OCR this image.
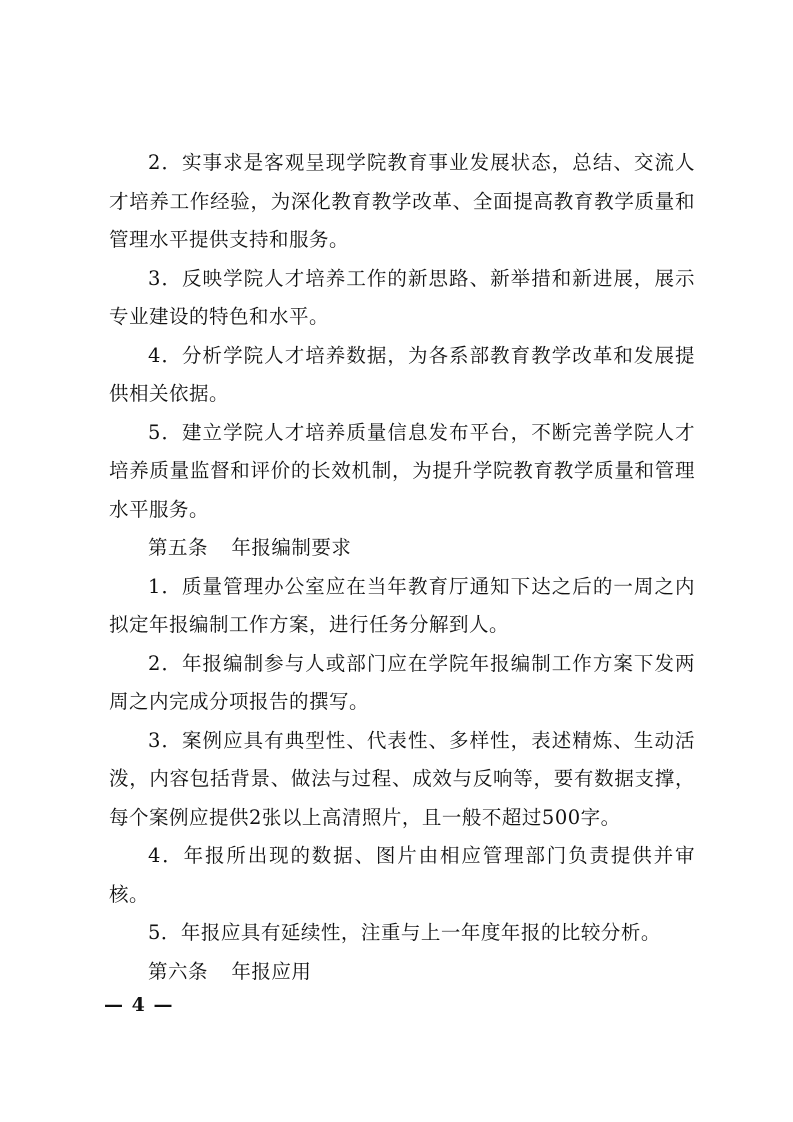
2．实事求是客观呈现学院教育事业发展状态，总结、交流人才培养工作经验，为深化教育教学改革、全面提高教育教学质量和管理水平提供支持和服务。

3．反映学院人才培养工作的新思路、新举措和新进展，展示专业建设的特色和水平。

4．分析学院人才培养数据，为各系部教育教学改革和发展提供相关依据。

5．建立学院人才培养质量信息发布平台，不断完善学院人才培养质量监督和评价的长效机制，为提升学院教育教学质量和管理水平服务。

第五条 年报编制要求

1．质量管理办公室应在当年教育厅通知下达之后的一周之内拟定年报编制工作方案，进行任务分解到人。

2．年报编制参与人或部门应在学院年报编制工作方案下发两周之内完成分项报告的撰写。

3．案例应具有典型性、代表性、多样性，表述精炼、生动活泼，内容包括背景、做法与过程、成效与反响等，要有数据支撑，每个案例应提供2张以上高清照片，且一般不超过500字。

4．年报所出现的数据、图片由相应管理部门负责提供并审核。

5．年报应具有延续性，注重与上一年度年报的比较分析。

第六条 年报应用

— 4 —
